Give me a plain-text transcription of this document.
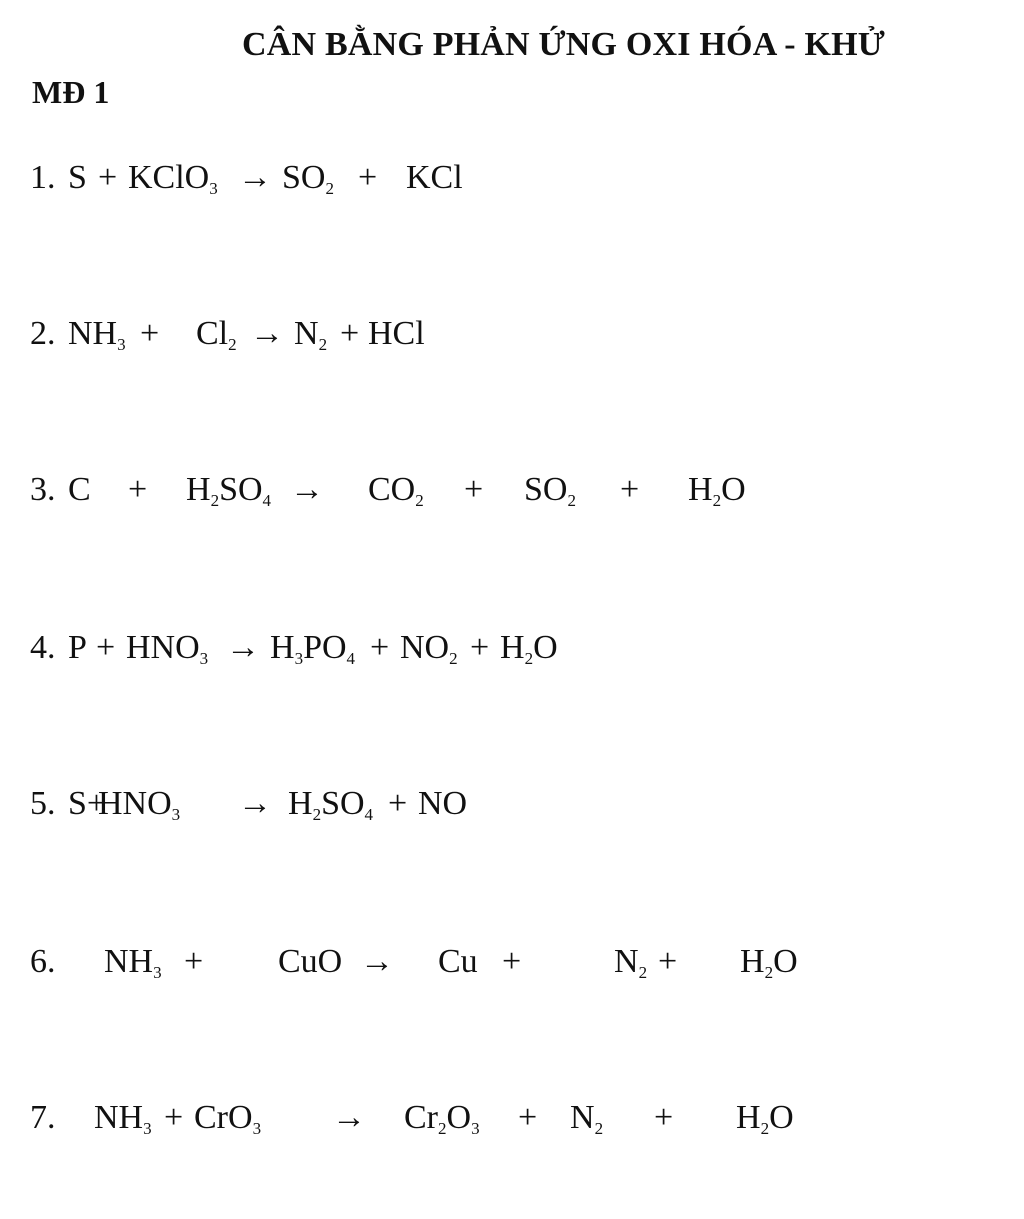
CÂN BẰNG PHẢN ỨNG OXI HÓA - KHỬ
MĐ 1
1. S + KClO$_3$ → $SO_2$ + KCl
2. $NH_3 + Cl_2 \to N_2$ + HCl
3. $C + H_2SO_4 \to CO_2 + SO_2 + H_2O$
4. $P + HNO_3 \to H_3PO_4 + NO_2 + H_2O$
5. S+
$HNO_3 \to H_2SO_4$ + NO
6. $NH_3$ + CuO → Cu +	$N_2 + H_2O$
7. $NH_3 + CrO_3 \to Cr_2O_3 + N_2 + H_2O$
